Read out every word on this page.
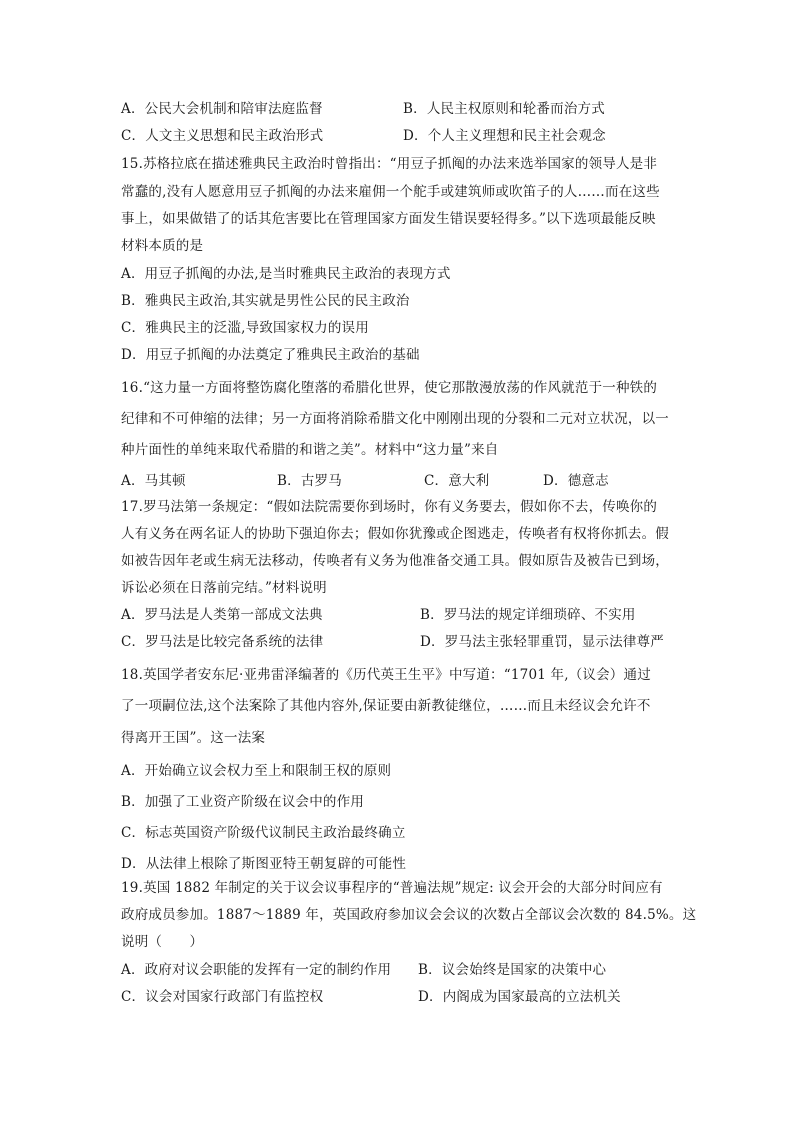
A．公民大会机制和陪审法庭监督	B．人民主权原则和轮番而治方式
C．人文主义思想和民主政治形式	D．个人主义理想和民主社会观念
15.苏格拉底在描述雅典民主政治时曾指出：“用豆子抓阄的办法来选举国家的领导人是非
常蠢的,没有人愿意用豆子抓阄的办法来雇佣一个舵手或建筑师或吹笛子的人……而在这些
事上，如果做错了的话其危害要比在管理国家方面发生错误要轻得多。”以下选项最能反映
材料本质的是
A．用豆子抓阄的办法,是当时雅典民主政治的表现方式
B．雅典民主政治,其实就是男性公民的民主政治
C．雅典民主的泛滥,导致国家权力的误用
D．用豆子抓阄的办法奠定了雅典民主政治的基础
16.“这力量一方面将整饬腐化堕落的希腊化世界，使它那散漫放荡的作风就范于一种铁的
纪律和不可伸缩的法律；另一方面将消除希腊文化中刚刚出现的分裂和二元对立状况，以一
种片面性的单纯来取代希腊的和谐之美”。材料中“这力量”来自
A．马其顿	B．古罗马	C．意大利	D．德意志
17.罗马法第一条规定：“假如法院需要你到场时，你有义务要去，假如你不去，传唤你的
人有义务在两名证人的协助下强迫你去；假如你犹豫或企图逃走，传唤者有权将你抓去。假
如被告因年老或生病无法移动，传唤者有义务为他准备交通工具。假如原告及被告已到场，
诉讼必须在日落前完结。”材料说明
A．罗马法是人类第一部成文法典	B．罗马法的规定详细琐碎、不实用
C．罗马法是比较完备系统的法律	D．罗马法主张轻罪重罚，显示法律尊严
18.英国学者安东尼·亚弗雷泽编著的《历代英王生平》中写道：“1701 年,（议会）通过
了一项嗣位法,这个法案除了其他内容外,保证要由新教徒继位，……而且未经议会允许不
得离开王国”。这一法案
A．开始确立议会权力至上和限制王权的原则
B．加强了工业资产阶级在议会中的作用
C．标志英国资产阶级代议制民主政治最终确立
D．从法律上根除了斯图亚特王朝复辟的可能性
19.英国 1882 年制定的关于议会议事程序的“普遍法规”规定: 议会开会的大部分时间应有
政府成员参加。1887～1889 年，英国政府参加议会会议的次数占全部议会次数的 84.5%。这
说明（　　）
A．政府对议会职能的发挥有一定的制约作用 B．议会始终是国家的决策中心
C．议会对国家行政部门有监控权	D．内阁成为国家最高的立法机关
